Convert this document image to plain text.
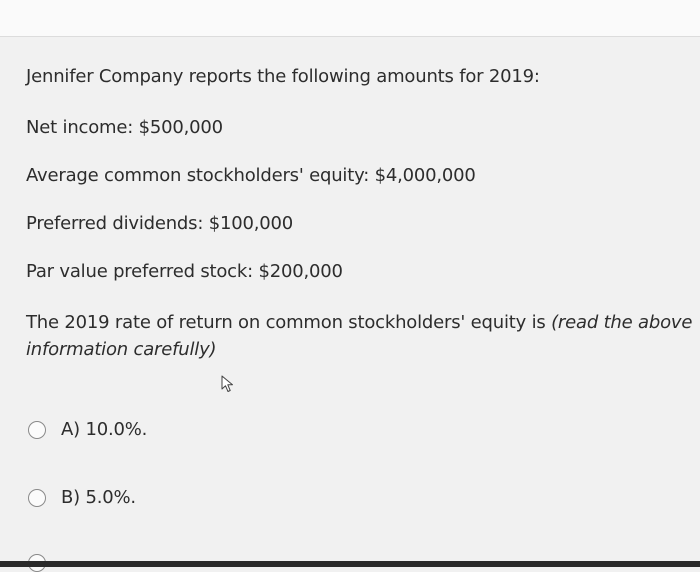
Jennifer Company reports the following amounts for 2019:

Net income: $500,000

Average common stockholders' equity: $4,000,000

Preferred dividends: $100,000

Par value preferred stock: $200,000

The 2019 rate of return on common stockholders' equity is (read the above information carefully)

A) 10.0%.
B) 5.0%.
